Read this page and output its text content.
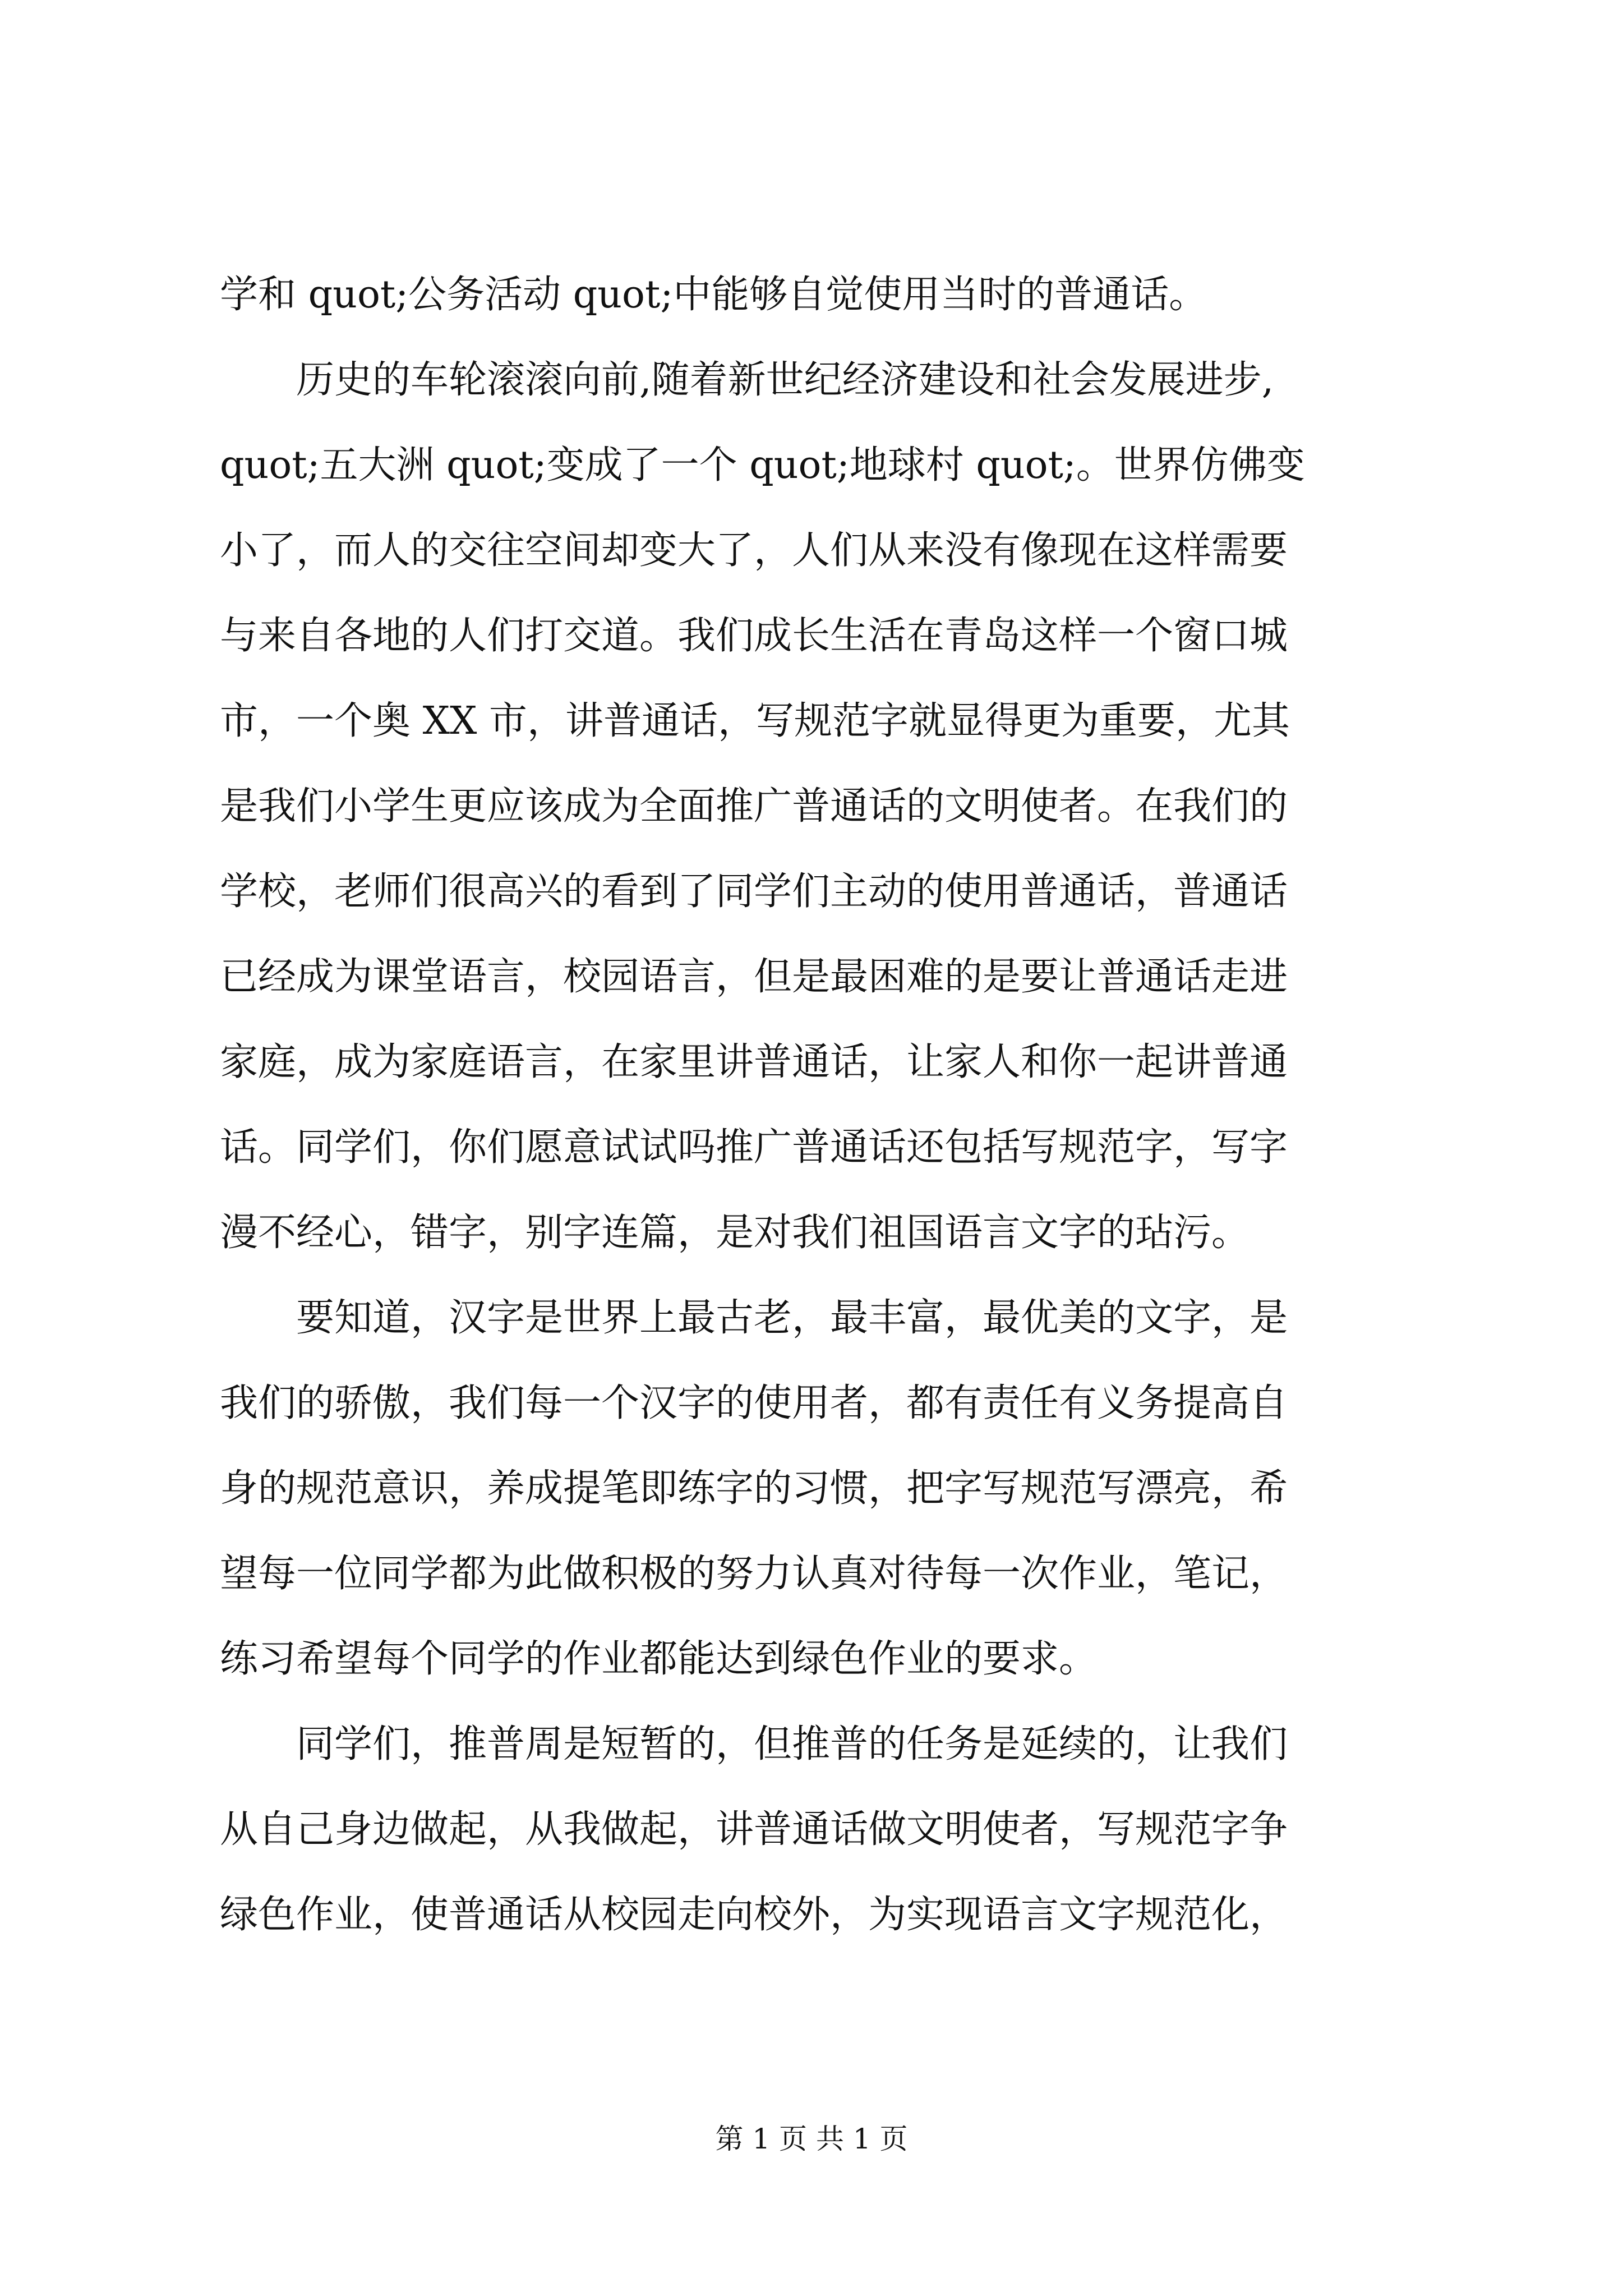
学和 quot;公务活动 quot;中能够自觉使用当时的普通话。
　　历史的车轮滚滚向前,随着新世纪经济建设和社会发展进步,
quot;五大洲 quot;变成了一个 quot;地球村 quot;。世界仿佛变
小了，而人的交往空间却变大了，人们从来没有像现在这样需要
与来自各地的人们打交道。我们成长生活在青岛这样一个窗口城
市，一个奥 XX 市，讲普通话，写规范字就显得更为重要，尤其
是我们小学生更应该成为全面推广普通话的文明使者。在我们的
学校，老师们很高兴的看到了同学们主动的使用普通话，普通话
已经成为课堂语言，校园语言，但是最困难的是要让普通话走进
家庭，成为家庭语言，在家里讲普通话，让家人和你一起讲普通
话。同学们，你们愿意试试吗推广普通话还包括写规范字，写字
漫不经心，错字，别字连篇，是对我们祖国语言文字的玷污。
　　要知道，汉字是世界上最古老，最丰富，最优美的文字，是
我们的骄傲，我们每一个汉字的使用者，都有责任有义务提高自
身的规范意识，养成提笔即练字的习惯，把字写规范写漂亮，希
望每一位同学都为此做积极的努力认真对待每一次作业，笔记，
练习希望每个同学的作业都能达到绿色作业的要求。
　　同学们，推普周是短暂的，但推普的任务是延续的，让我们
从自己身边做起，从我做起，讲普通话做文明使者，写规范字争
绿色作业，使普通话从校园走向校外，为实现语言文字规范化，
第 1 页 共 1 页
